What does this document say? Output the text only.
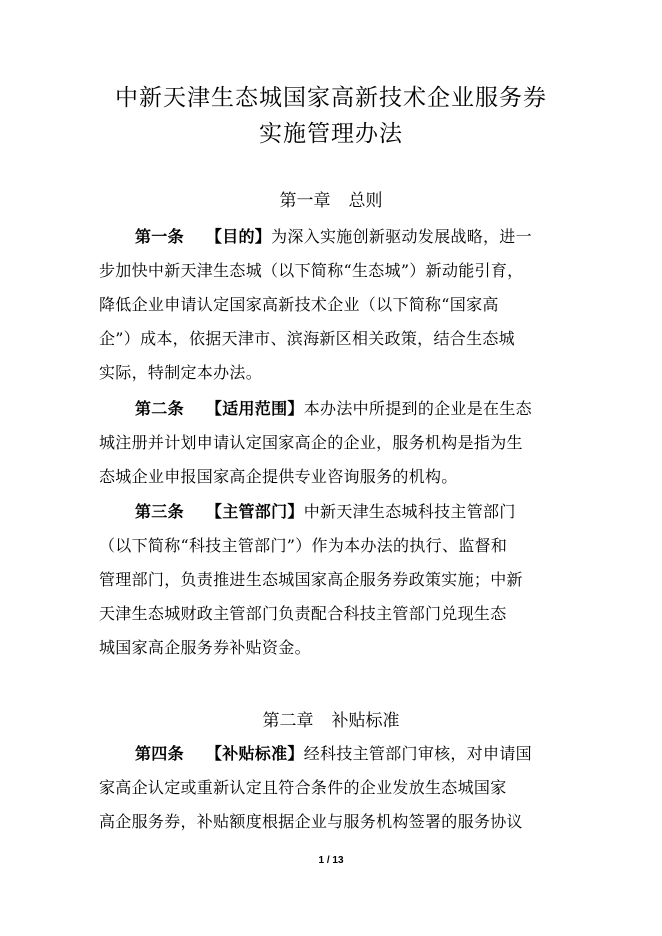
中新天津生态城国家高新技术企业服务券
实施管理办法
第一章 总则
第一条 【目的】为深入实施创新驱动发展战略，进一
步加快中新天津生态城（以下简称“生态城”）新动能引育，
降低企业申请认定国家高新技术企业（以下简称“国家高
企”）成本，依据天津市、滨海新区相关政策，结合生态城
实际，特制定本办法。
第二条 【适用范围】本办法中所提到的企业是在生态
城注册并计划申请认定国家高企的企业，服务机构是指为生
态城企业申报国家高企提供专业咨询服务的机构。
第三条 【主管部门】中新天津生态城科技主管部门
（以下简称“科技主管部门”）作为本办法的执行、监督和
管理部门，负责推进生态城国家高企服务券政策实施；中新
天津生态城财政主管部门负责配合科技主管部门兑现生态
城国家高企服务券补贴资金。
第二章 补贴标准
第四条 【补贴标准】经科技主管部门审核，对申请国
家高企认定或重新认定且符合条件的企业发放生态城国家
高企服务券，补贴额度根据企业与服务机构签署的服务协议
1 / 13
